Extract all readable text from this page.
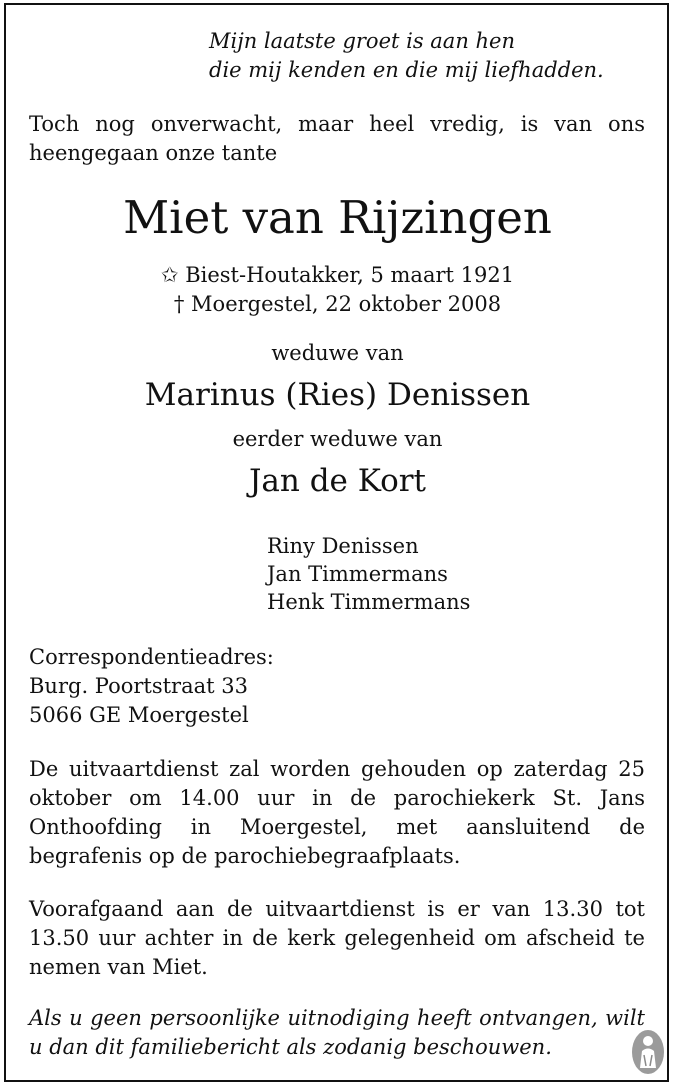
Mijn laatste groet is aan hen
die mij kenden en die mij liefhadden.
Toch nog onverwacht, maar heel vredig, is van ons heengegaan onze tante
Miet van Rijzingen
✩ Biest-Houtakker, 5 maart 1921
† Moergestel, 22 oktober 2008
weduwe van
Marinus (Ries) Denissen
eerder weduwe van
Jan de Kort
Riny Denissen
Jan Timmermans
Henk Timmermans
Correspondentieadres:
Burg. Poortstraat 33
5066 GE Moergestel
De uitvaartdienst zal worden gehouden op zaterdag 25 oktober om 14.00 uur in de parochiekerk St. Jans Onthoofding in Moergestel, met aansluitend de begrafenis op de parochiebegraafplaats.
Voorafgaand aan de uitvaartdienst is er van 13.30 tot 13.50 uur achter in de kerk gelegenheid om afscheid te nemen van Miet.
Als u geen persoonlijke uitnodiging heeft ontvangen, wilt u dan dit familiebericht als zodanig beschouwen.
